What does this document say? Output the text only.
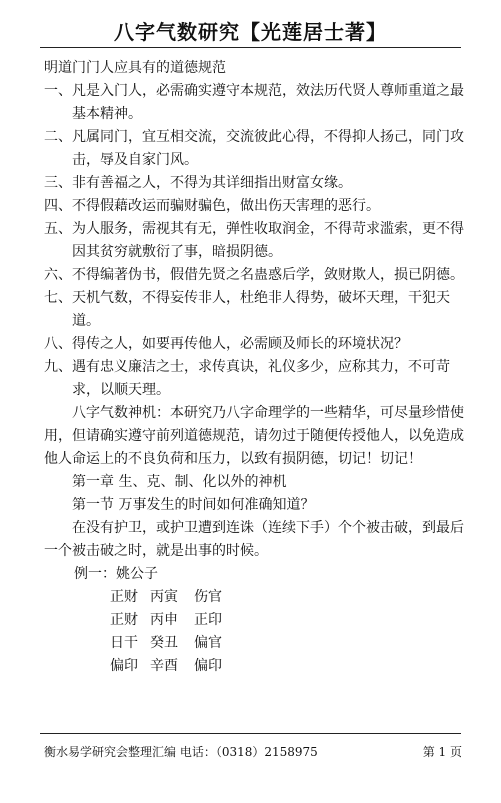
八字气数研究【光莲居士著】

明道门门人应具有的道德规范

一、 凡是入门人，必需确实遵守本规范，效法历代贤人尊师重道之最基本精神。
二、 凡属同门，宜互相交流，交流彼此心得，不得抑人扬己，同门攻击，辱及自家门风。
三、 非有善福之人，不得为其详细指出财富女缘。
四、 不得假藉改运而骗财骗色，做出伤天害理的恶行。
五、 为人服务，需视其有无，弹性收取润金，不得苛求滥索，更不得因其贫穷就敷衍了事，暗损阴德。
六、 不得编著伪书，假借先贤之名蛊惑后学，敛财欺人，损已阴德。
七、 天机气数，不得妄传非人，杜绝非人得势，破坏天理，干犯天道。
八、 得传之人，如要再传他人，必需顾及师长的环境状况？
九、 遇有忠义廉洁之士，求传真诀，礼仪多少，应称其力，不可苛求，以顺天理。

八字气数神机：本研究乃八字命理学的一些精华，可尽量珍惜使用，但请确实遵守前列道德规范，请勿过于随便传授他人，以免造成他人命运上的不良负荷和压力，以致有损阴德，切记！切记！

第一章 生、克、制、化以外的神机

第一节 万事发生的时间如何准确知道？

在没有护卫，或护卫遭到连诛（连续下手）个个被击破，到最后一个被击破之时，就是出事的时候。

例一：姚公子

正财 丙寅	伤官
正财 丙申	正印
日干 癸丑	偏官
偏印 辛酉	偏印
衡水易学研究会整理汇编 电话：（0318）2158975	第 1 页
